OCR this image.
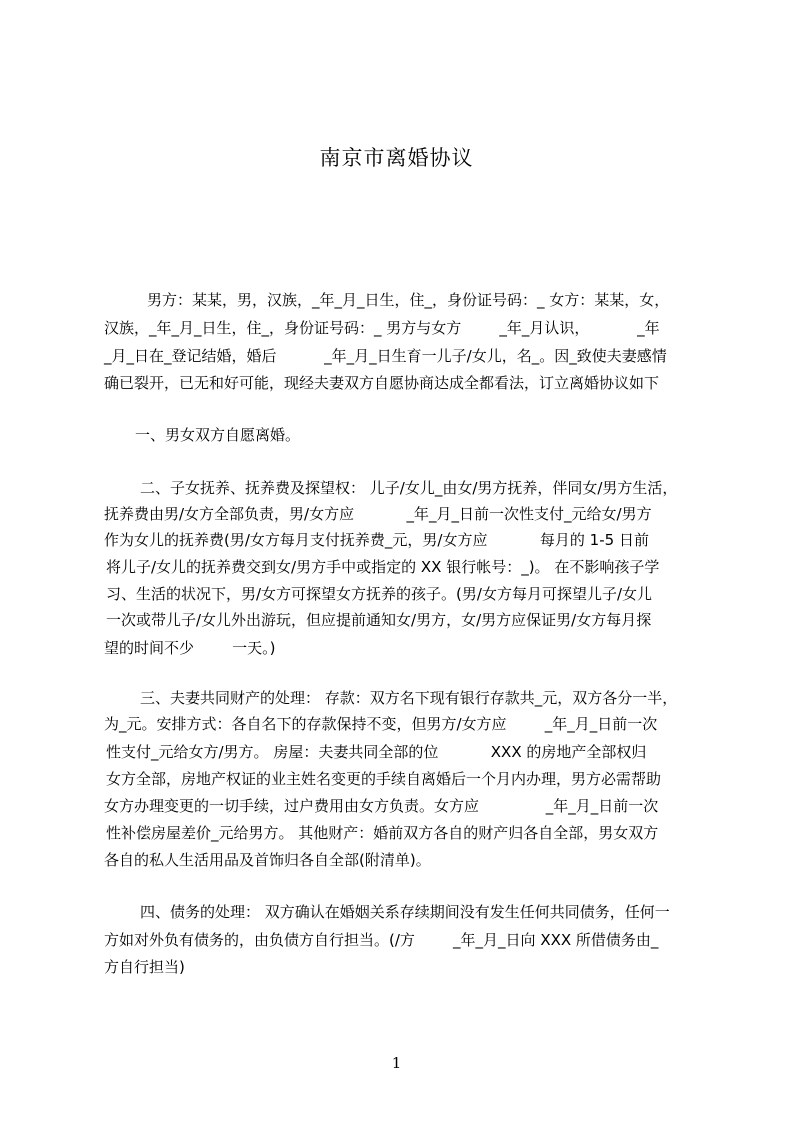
南京市离婚协议
男方：某某，男，汉族，_年_月_日生，住_，身份证号码：_ 女方：某某，女，
汉族，_年_月_日生，住_，身份证号码：_ 男方与女方        _年_月认识，          _年
_月_日在_登记结婚，婚后          _年_月_日生育一儿子/女儿，名_。因_致使夫妻感情
确已裂开，已无和好可能，现经夫妻双方自愿协商达成全都看法，订立离婚协议如下
一、男女双方自愿离婚。
二、子女抚养、抚养费及探望权： 儿子/女儿_由女/男方抚养，伴同女/男方生活，
抚养费由男/女方全部负责，男/女方应           _年_月_日前一次性支付_元给女/男方
作为女儿的抚养费(男/女方每月支付抚养费_元，男/女方应           每月的 1-5 日前
将儿子/女儿的抚养费交到女/男方手中或指定的 XX 银行帐号：_)。 在不影响孩子学
习、生活的状况下，男/女方可探望女方抚养的孩子。(男/女方每月可探望儿子/女儿
一次或带儿子/女儿外出游玩，但应提前通知女/男方，女/男方应保证男/女方每月探
望的时间不少        一天。)
三、夫妻共同财产的处理： 存款：双方名下现有银行存款共_元，双方各分一半，
为_元。安排方式：各自名下的存款保持不变，但男方/女方应        _年_月_日前一次
性支付_元给女方/男方。 房屋：夫妻共同全部的位           XXX 的房地产全部权归
女方全部，房地产权证的业主姓名变更的手续自离婚后一个月内办理，男方必需帮助
女方办理变更的一切手续，过户费用由女方负责。女方应              _年_月_日前一次
性补偿房屋差价_元给男方。 其他财产：婚前双方各自的财产归各自全部，男女双方
各自的私人生活用品及首饰归各自全部(附清单)。
四、债务的处理： 双方确认在婚姻关系存续期间没有发生任何共同债务，任何一
方如对外负有债务的，由负债方自行担当。(/方        _年_月_日向 XXX 所借债务由_
方自行担当)
1
